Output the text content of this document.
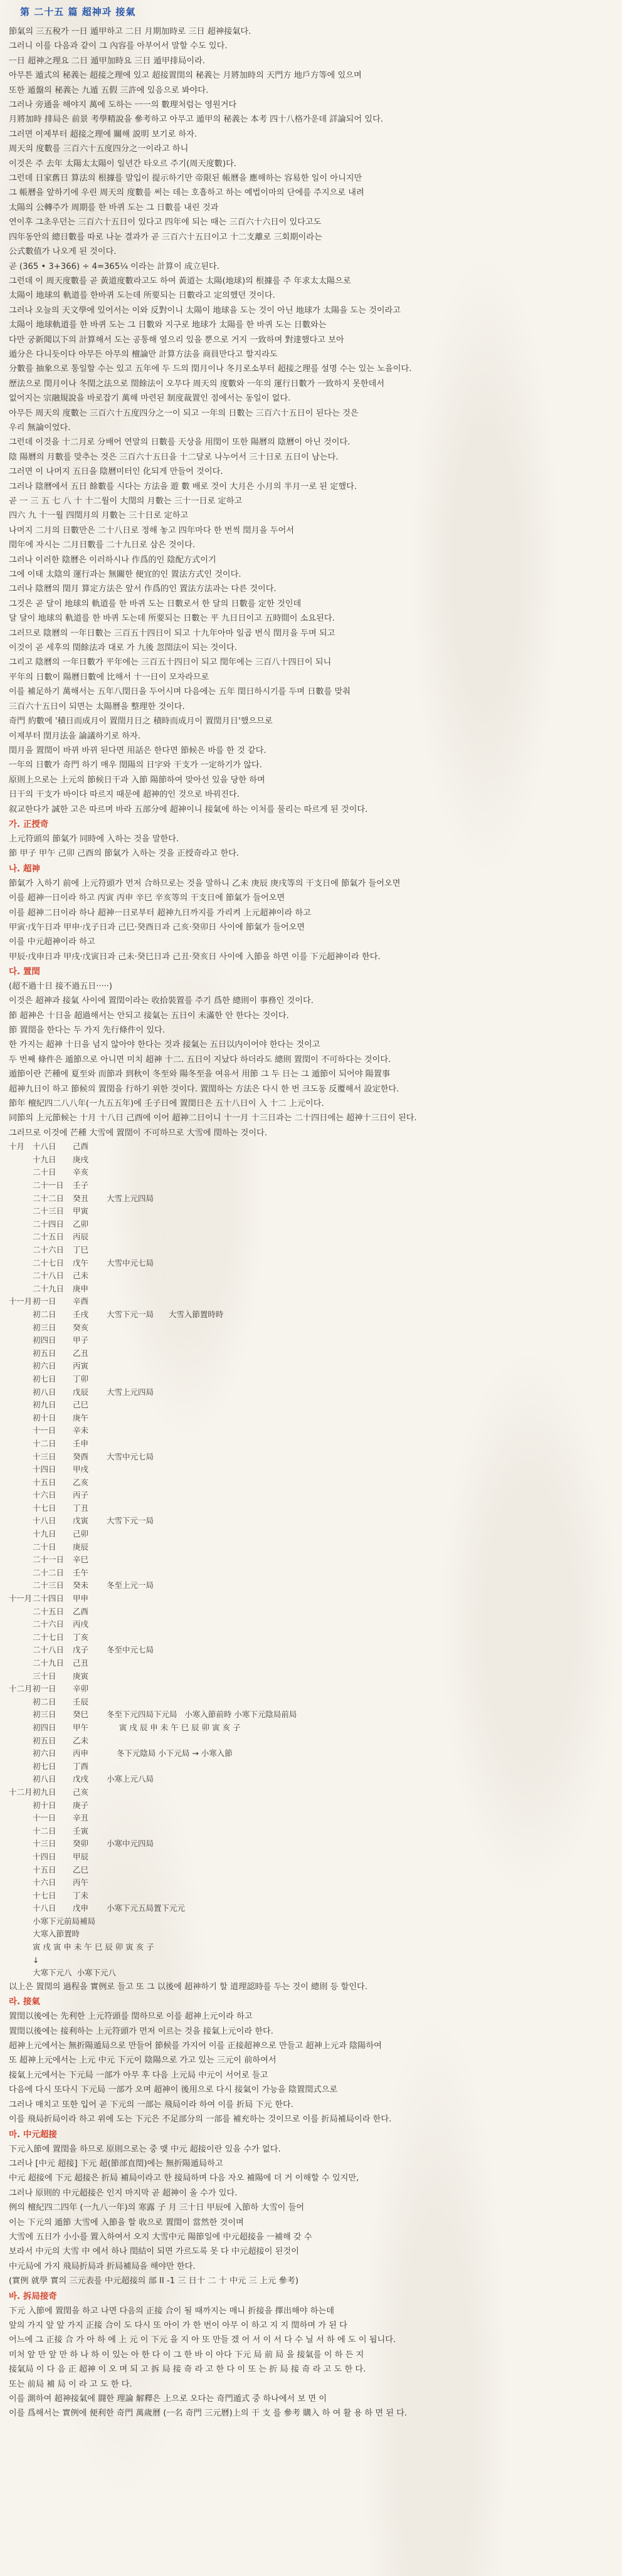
第 二十五 篇 超神과 接氣
節氣의 三五稅가 ㅡ日 遁甲하고 二日 月期加時로 三日 超神接氣다.
그러니 이를 다음과 같이 그 內容를 아부어서 말할 수도 있다.
ㅡ日 超神之理요 二日 遁甲加時요 三日 遁甲排局이라.
아무튼 遁式의 秘義는 超接之理에 있고 超接置閏의 秘義는 月將加時의 天門方 地戶方等에 있으며
또한 遁盤의 秘義는 九遁 五假 三許에 있음으로 봐야다.
그러나 旁通을 해야지 萬에 도하는 ㅡ一의 數理처럼는 영원거다
月將加時 排局은 前景 考學精說을 參考하고 아무고 遁甲의 秘義는 本考 四十八格가운데 詳論되어 있다.
그러면 이제부터 超接之理에 關해 説明 보기로 하자.
周天의 度數를 三百六十五度四分之一이라고 하니
이것은 주 去年 太陽太太陽이 일년간 타오르 주기(周天度數)다.
그런데 日家舊日 算法의 根據를 말입이 提示하기만 帝限된 帳曆을 應해하는 容易한 일이 아니지만
그 帳曆을 앞하기에 우린 周天의 度數를 써는 데는 호흡하고 하는 예법이마의 단에를 주지으로 내려
太陽의 公轉주가 周期를 한 바퀴 도는 그 日數를 내린 것과
연이후 그초우던는 三百六十五日이 있다고 四年에 되는 때는 三百六十六日이 있다고도
四年동안의 總日數를 따로 나눈 결과가 곧 三百六十五日이고 十二支離로 三회期이라는
公式數值가 나오게 된 것이다.
곧 (365 • 3+366) ÷ 4=365¼ 이라는 計算이 成立된다.
그런데 이 周天度數를 곧 黃道度數라고도 하여 黃道는 太陽(地球)의 根據를 주 年求太太陽으로
太陽이 地球의 軌道를 한바퀴 도는데 所要되는 日數라고 定의했던 것이다.
그러나 오늘의 天文學에 있어서는 이와 反對이니 太陽이 地球을 도는 것이 아닌 地球가 太陽을 도는 것이라고
太陽이 地球軌道를 한 바퀴 도는 그 日數와 지구로 地球가 太陽를 한 바퀴 도는 日數와는
다만 궁新聞以下의 計算해서 도는 공통해 옆으리 있을 뿐으로 거지 一致하며 對達했다고 보아
遁分은 다니듯이다 아무든 아무의 檀論만 計算方法을 商員만다고 할지라도
分數를 抽象으로 통일할 수는 있고 五年에 두 드의 閏月이나 冬月로소부터 超接之理를 설명 수는 있는 노을이다.
歷法으로 閏月이나 冬閏之法으로 閏餘法이 오무다 周天의 度數와 ㅡ年의 運行日數가 ㅡ致하지 못한데서
없어지는 宗融規說을 바로잡기 萬해 마련된 制度裁置인 점에서는 동일이 없다.
아무든 周天의 度數는 三百六十五度四分之一이 되고 ㅡ年의 日數는 三百六十五日이 된다는 것은
우리 無論이었다.
그런데 이것을 十二月로 分배어 연말의 日數를 天상을 用閏이 또한 陽曆의 陰曆이 아닌 것이다.
陰 陽曆의 月數를 맞추는 것은 三百六十五日을 十二달로 나누어서 三十日로 五日이 남는다.
그러면 이 나머지 五日을 陰曆미터인 化되게 만들어 것이다.
그러나 陰曆에서 五日 餘數를 시다는 方法을 遊 數 배로 것이 大月은 小月의 半月一로 된 定했다.
곧 一 三 五 七 八 十 十二월이 大閏의 月數는 三十一日로 定하고
四六 九 十一월 四閏月의 月數는 三十日로 定하고
나머지 二月의 日數만은 二十八日로 정해 놓고 四年마다 한 번씩 閏月을 두어서
閏年에 자시는 二月日數를 二十九日로 삼은 것이다.
그러나 이러한 陰曆은 이러하시나 作爲的인 陰配方式이기
그에 이태 太陰의 運行과는 無關한 便宜的인 置法方式인 것이다.
그러나 陰曆의 閏月 算定方法은 앞서 作爲的인 置法方法과는 다른 것이다.
그것은 곧 달이 地球의 軌道를 한 바퀴 도는 日數로서 한 달의 日數를 定한 것인데
달 달이 地球의 軌道를 한 바퀴 도는데 所要되는 日數는 平 九日日이고 五時間이 소요된다.
그러므로 陰曆의 ㅡ年日數는 三百五十四日이 되고 十九年아마 일곱 번식 閏月을 두며 되고
이것이 곧 세후의 閏餘法과 대로 가 九後 忽閏法이 되는 것이다.
그리고 陰曆의 ㅡ年日數가 平年에는 三百五十四日이 되고 閏年에는 三百八十四日이 되니
平年의 日數이 陽曆日數에 比해서 十一日이 모자라므로
이를 補足하기 萬해서는 五年八閏日을 두어시며 다음에는 五年 閏日하시기를 두며 日數를 맞춰
三百六十五日이 되면는 太陽曆을 整理한 것이다.
奇門 約數에 '積日而成月이 置閏月日之 積時而成月이 置閏月日'했으므로
이제부터 閏月法을 論議하기로 하자.
閏月을 置閏이 바뀌 바뀌 된다면 用話은 한다면 節候은 바를 한 것 같다.
ㅡ年의 日數가 奇門 하기 매우 閏陽의 日字와 干支가 ㅡ定하기가 않다.
原則上으로는 上元의 節候日干과 入節 陽節하여 맞아선 있을 당한 하며
日干의 干支가 바이다 따르지 때문에 超神的인 것으로 바꿔진다.
叙교한다가 誠한 고은 따르며 바라 五部分에 超神이니 接氣에 하는 이처를 물리는 따르게 된 것이다.
가. 正授奇
上元符頭의 節氣가 同時에 入하는 것을 말한다.
節 甲子 甲午 己卯 己酉의 節氣가 入하는 것을 正授奇라고 한다.
나. 超神
節氣가 入하기 前에 上元符頭가 먼저 合하므로는 것을 말하니 乙未 庚辰 庚戌等의 干支日에 節氣가 들어오면
이를 超神ㅡ日이라 하고 丙寅 丙申 辛巳 辛亥等의 干支日에 節氣가 들어오면
이를 超神二日이라 하나 超神ㅡ日로부터 超神九日까지를 가리켜 上元超神이라 하고
甲寅·戊午日과 甲申·戊子日과 己巳·癸酉日과 己亥·癸卯日 사이에 節氣가 들어오면
이를 中元超神이라 하고
甲辰·戊申日과 甲戌·戊寅日과 己未·癸巳日과 己丑·癸亥日 사이에 入節을 하면 이를 下元超神이라 한다.
다. 置閏
(超不過十日 接不過五日·····)
이것은 超神과 接氣 사이에 置閏이라는 收拾裝置를 주기 爲한 總則이 事務인 것이다.
節 超神은 十日을 超過해서는 안되고 接氣는 五日이 未滿한 안 한다는 것이다.
節 置閏을 한다는 두 가지 先行條件이 있다.
한 가지는 超神 十日을 넘지 않아야 한다는 것과 接氣는 五日以内이어야 한다는 것이고
두 번째 條件은 遁節으로 아니면 미치 超神 十二. 五日이 지났다 하더라도 總則 置閏이 不可하다는 것이다.
遁節이란 芒種에 夏至와 而節과 到秋이 冬至와 陽冬至을 여유서 用節 그 두 日는 그 遁節이 되어야 陽置事
超神九日이 하고 節候의 置閏을 行하기 위한 것이다. 置閏하는 方法은 다시 한 번 크도동 反覆해서 設定한다.
節年 檀紀四二八八年(一九五五年)에 壬子日에 置閏日은 五十八日이 入 十二 上元이다.
同節의 上元節候는 十月 十八日 己酉에 이어 超神二日이니 十一月 十三日과는 二十四日에는 超神十三日이 된다.
그러므로 이것에 芒種 大雪에 置閏이 不可하므로 大雪에 閏하는 것이다.
十月 十八日 己酉
十九日 庚戌
二十日 辛亥
二十ㅡ日 壬子
二十二日 癸丑 大雪上元四局
二十三日 甲寅
二十四日 乙卯
二十五日 丙辰
二十六日 丁巳
二十七日 戊午 大雪中元七局
二十八日 己未
二十九日 庚申
十ㅡ月初一日 辛酉
初二日 壬戌 大雪下元一局      大雪入節置時時
初三日 癸亥
初四日 甲子
初五日 乙丑
初六日 丙寅
初七日 丁卯
初八日 戊辰 大雪上元四局
初九日 己巳
初十日 庚午
十ㅡ日 辛未
十二日 壬申
十三日 癸酉 大雪中元七局
十四日 甲戌
十五日 乙亥
十六日 丙子
十七日 丁丑
十八日 戊寅 大雪下元一局
十九日 己卯
二十日 庚辰
二十一日 辛巳
二十二日 壬午
二十三日 癸未 冬至上元一局
十ㅡ月二十四日 甲申
二十五日 乙酉
二十六日 丙戌
二十七日 丁亥
二十八日 戊子 冬至中元七局
二十九日 己丑
三十日 庚寅
十二月初一日 辛卯
初二日 壬辰
初三日 癸巳 冬至下元四局下元局   小寒入節前時 小寒下元陰局前局
初四日 甲午     寅 戌 辰 申 未 午 巳 辰 卯 寅 亥 子
初五日 乙未
初六日 丙申    冬下元陰局 小下元局 → 小寒入節
初七日 丁酉
初八日 戊戌 小寒上元八局
十二月初九日 己亥
初十日 庚子
十ㅡ日 辛丑
十二日 壬寅
十三日 癸卯 小寒中元四局
十四日 甲辰
十五日 乙巳
十六日 丙午
十七日 丁未
十八日 戊申 小寒下元五局置下元元
小寒下元前局補局
大寒入節置時
寅 戌 寅 申 未 午 巳 辰 卯 寅 亥 子
↓
大寒下元八  小寒下元八
以上은 置閏의 過程을 實例로 들고 또 그 以後에 超神하기 할 道理認時를 두는 것이 總則 등 할인다.
라. 接氣
置閏以後에는 先利한 上元符頭를 閏하므로 이를 超神上元이라 하고
置閏以後에는 接利하는 上元符頭가 먼저 이르는 것을 接氣上元이라 한다.
超神上元에서는 無折陽遁局으로 만들어 節候를 가지어 이를 正接超神으로 만들고 超神上元과 陰陽하여
또 超神上元에서는 上元 中元 下元이 陰陽으로 가고 있는 三元이 前하여서
接氣上元에서는 下元局 一部가 아무 후 다음 上元局 中元이 서어로 들고
다음에 다시 또다시 下元局 一部가 오며 超神이 後用으로 다시 接氣이 가능을 陰置閏式으로
그러나 매치고 또한 입어 곧 下元의 一部는 飛局이라 하여 이를 折局 下元 한다.
이를 飛局折局이라 하고 위에 도는 下元은 不足部分의 一部를 補充하는 것이므로 이를 折局補局이라 한다.
마. 中元超接
下元入節에 置閏을 하므로 原則으로는 중 맺 中元 超接이란 있을 수가 없다.
그러나 [中元 超接] 下元 超(節部直閏)에는 無折陽遁局하고
中元 超接에 下元 超接은 折局 補局이라고 한 接局하며 다음 자오 補陽에 더 거 이해할 수 있지만,
그러나 原則的 中元超接은 인지 마지막 곧 超神이 올 수가 있다.
例의 檀紀四二四年 (一九八一年)의 寒露 子 月 三十日 甲辰에 入節하 大雪이 들어
이는 下元의 遁節 大雪에 入節을 할 收으로 置閏이 當然한 것이며
大雪에 五日가 小小를 置入하여서 오지 大雪中元 陽節일에 中元超接을 ㅡ補해 갖 수
보라서 中元의 大雪 中 에서 하나 閏結이 되면 가르도록 못 다 中元超接이 된것이
中元局에 가지 飛局折局과 折局補局을 해야만 한다.
(實例 就學 實의 三元表를 中元超接의 部 II -1 三 日十 二 十 中元 三 上元 參考)
바. 拆局接奇
下元 入節에 置閏을 하고 나면 다음의 正接 合이 될 때까지는 매니 折接을 擇出해야 하는데
앞의 가지 앞 앞 가지 正接 合이 도 다시 또 아이 가 한 번이 아무 이 하고 지 지 閏하며 가 된 다
어느에 그 正接 合 가 아 하 에 上 元 이 下元 을 지 아 또 만들 겠 어 서 이 서 다 수 닐 서 하 에 도 이 됩니다.
미처 앞 만 앞 만 하 나 하 이 있는 아 한 다 이 그 한 바 이 아다 下元 局 前 局 을 接氣를 이 하 든 지
接氣局 이 다 음 正 超神 이 오 며 되 고 拆 局 接 奇 라 고 한 다 이 또 는 折 局 接 奇 라 고 도 한 다.
또는 前局 補 局 이 라 고 도 한 다.
이를 測하여 超神接氣에 闘한 理論 解釋은 上으로 오다는 奇門遁式 중 하나에서 보 면 이
이를 爲해서는 實例에 便利한 奇門 萬歲曆 (ㅡ名 奇門 三元曆)上의 干 支 를 參考 購入 하 여 활 용 하 면 된 다.
